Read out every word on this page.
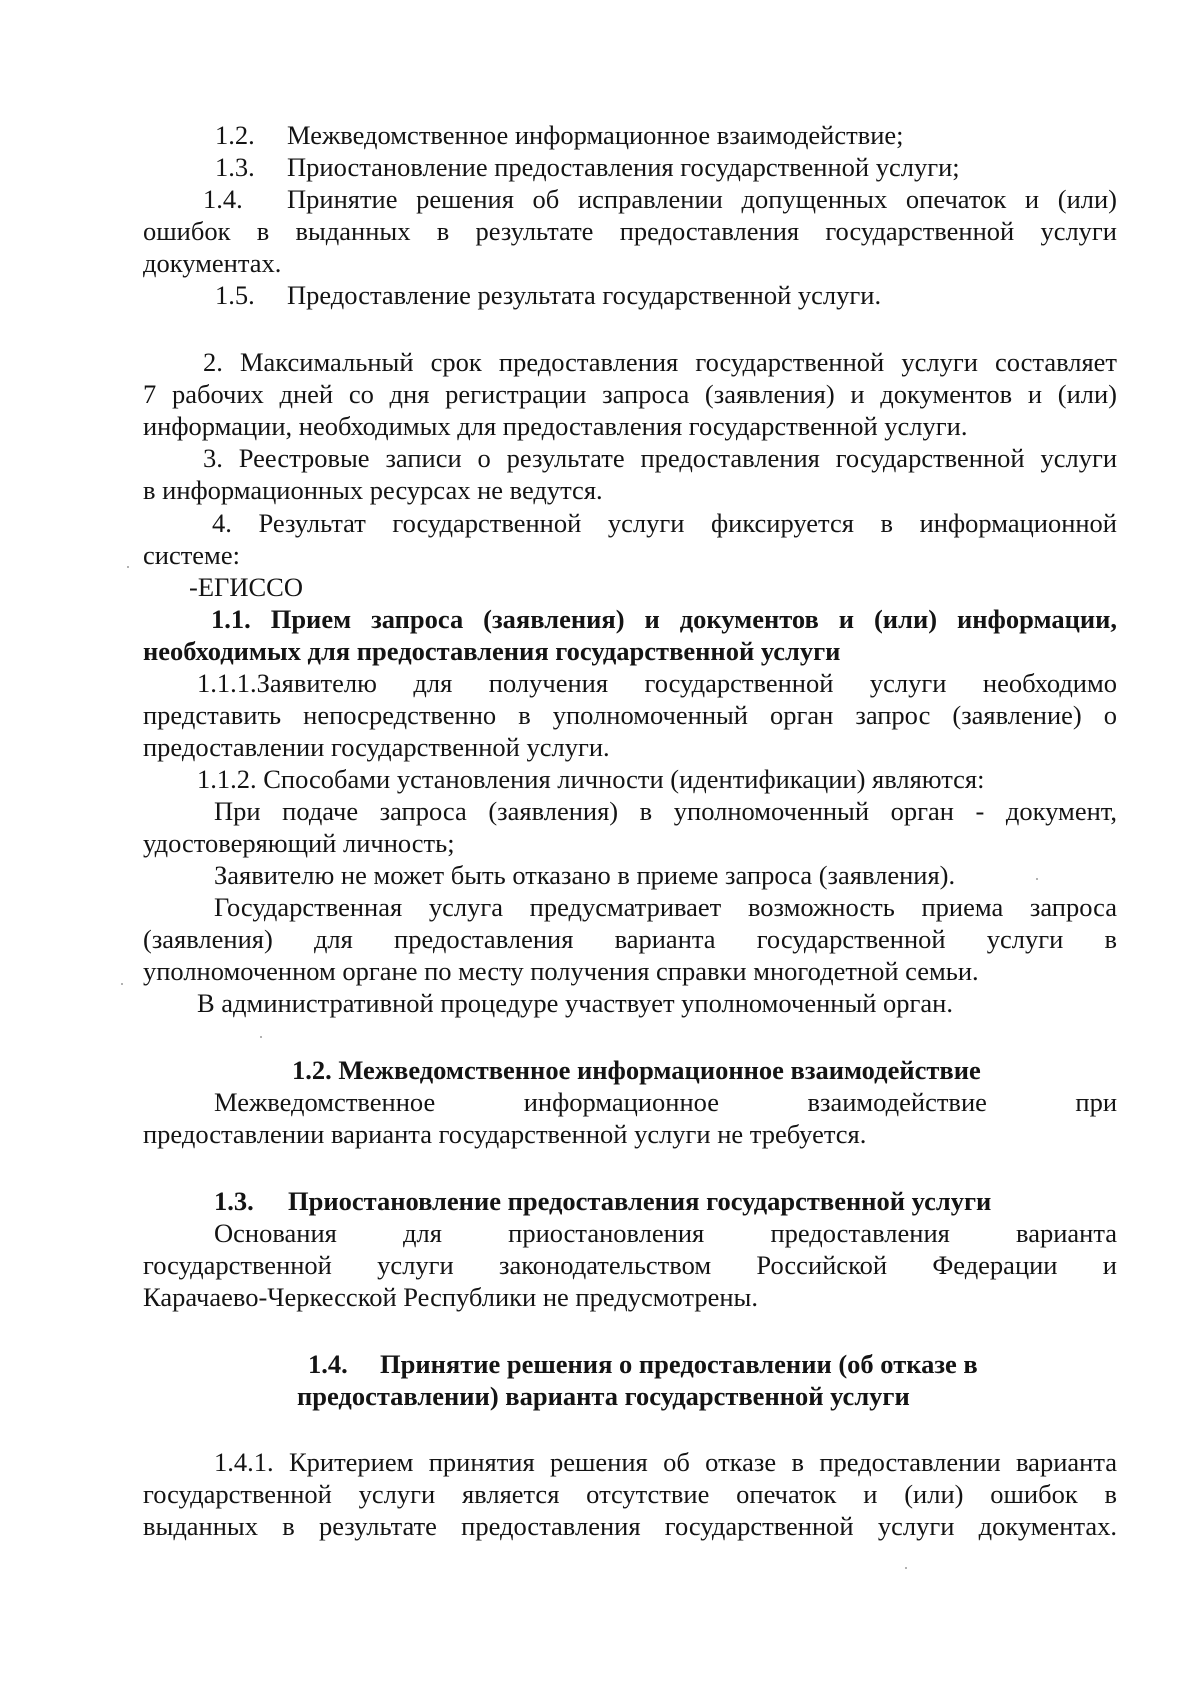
1.2. Межведомственное информационное взаимодействие;
1.3. Приостановление предоставления государственной услуги;
1.4. Принятие решения об исправлении допущенных опечаток и (или)
ошибок в выданных в результате предоставления государственной услуги
документах.
1.5. Предоставление результата государственной услуги.
2. Максимальный срок предоставления государственной услуги составляет
7 рабочих дней со дня регистрации запроса (заявления) и документов и (или)
информации, необходимых для предоставления государственной услуги.
3. Реестровые записи о результате предоставления государственной услуги
в информационных ресурсах не ведутся.
4. Результат государственной услуги фиксируется в информационной
системе:
-ЕГИССО
1.1. Прием запроса (заявления) и документов и (или) информации,
необходимых для предоставления государственной услуги
1.1.1.Заявителю для получения государственной услуги необходимо
представить непосредственно в уполномоченный орган запрос (заявление) о
предоставлении государственной услуги.
1.1.2. Способами установления личности (идентификации) являются:
При подаче запроса (заявления) в уполномоченный орган - документ,
удостоверяющий личность;
Заявителю не может быть отказано в приеме запроса (заявления).
Государственная услуга предусматривает возможность приема запроса
(заявления) для предоставления варианта государственной услуги в
уполномоченном органе по месту получения справки многодетной семьи.
В административной процедуре участвует уполномоченный орган.
1.2. Межведомственное информационное взаимодействие
Межведомственное информационное взаимодействие при
предоставлении варианта государственной услуги не требуется.
1.3. Приостановление предоставления государственной услуги
Основания для приостановления предоставления варианта
государственной услуги законодательством Российской Федерации и
Карачаево-Черкесской Республики не предусмотрены.
1.4. Принятие решения о предоставлении (об отказе в
предоставлении) варианта государственной услуги
1.4.1. Критерием принятия решения об отказе в предоставлении варианта
государственной услуги является отсутствие опечаток и (или) ошибок в
выданных в результате предоставления государственной услуги документах.
